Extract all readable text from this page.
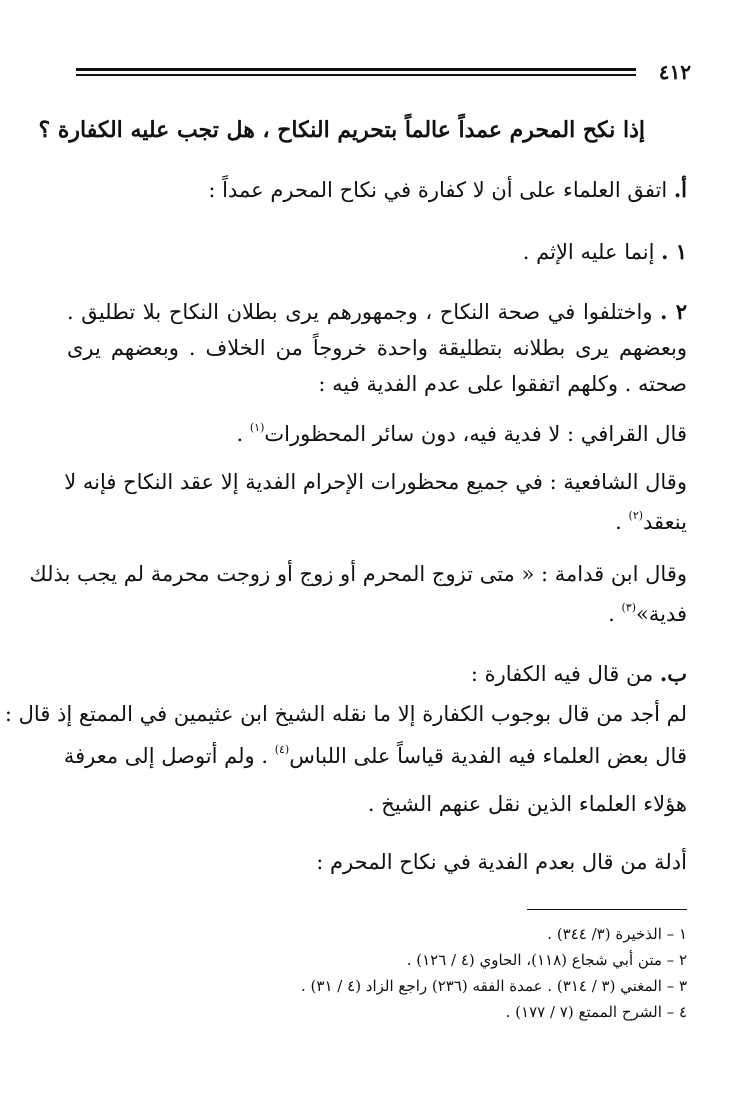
٤١٢
إذا نكح المحرم عمداً عالماً بتحريم النكاح ، هل تجب عليه الكفارة ؟
أ. اتفق العلماء على أن لا كفارة في نكاح المحرم عمداً :
١ . إنما عليه الإثم .
٢ . واختلفوا في صحة النكاح ، وجمهورهم يرى بطلان النكاح بلا تطليق .
وبعضهم يرى بطلانه بتطليقة واحدة خروجاً من الخلاف . وبعضهم يرى
صحته . وكلهم اتفقوا على عدم الفدية فيه :
قال القرافي : لا فدية فيه، دون سائر المحظورات$^{(١)}$ .
وقال الشافعية : في جميع محظورات الإحرام الفدية إلا عقد النكاح فإنه لا
ينعقد$^{(٢)}$ .
وقال ابن قدامة : « متى تزوج المحرم أو زوج أو زوجت محرمة لم يجب بذلك
فدية»$^{(٣)}$ .
ب. من قال فيه الكفارة :
لم أجد من قال بوجوب الكفارة إلا ما نقله الشيخ ابن عثيمين في الممتع إذ قال :
قال بعض العلماء فيه الفدية قياساً على اللباس$^{(٤)}$ . ولم أتوصل إلى معرفة
هؤلاء العلماء الذين نقل عنهم الشيخ .
أدلة من قال بعدم الفدية في نكاح المحرم :
١ – الذخيرة (٣/ ٣٤٤) .
٢ – متن أبي شجاع (١١٨)، الحاوي (٤ / ١٢٦) .
٣ – المغني (٣ / ٣١٤) . عمدة الفقه (٢٣٦) راجع الزاد (٤ / ٣١) .
٤ – الشرح الممتع (٧ / ١٧٧) .
